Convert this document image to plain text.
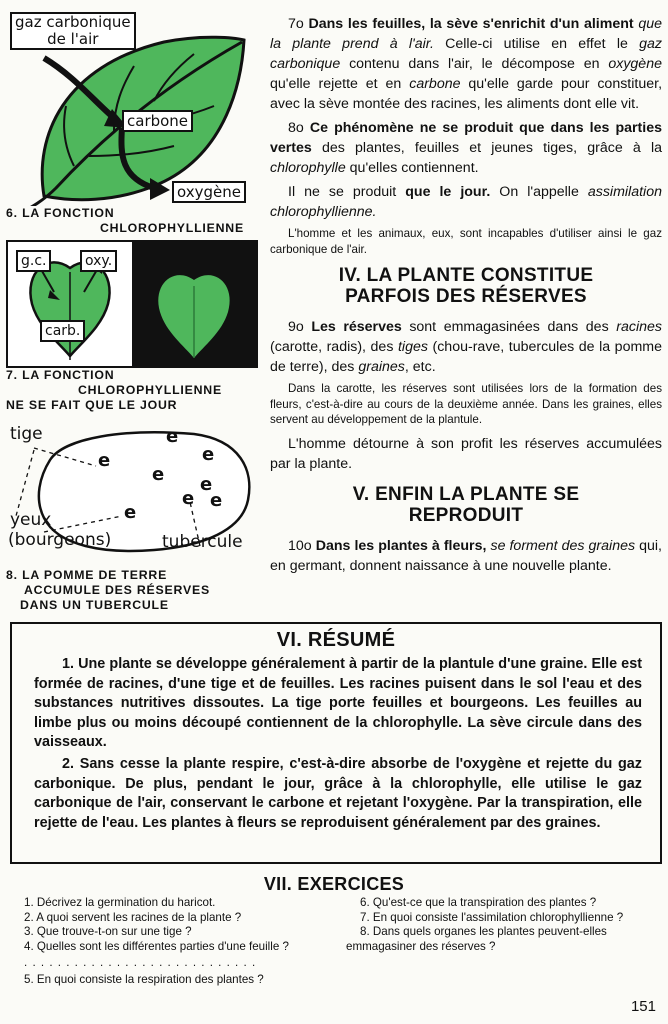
gaz carbonique
de l'air
carbone
oxygène
6. LA FONCTION
CHLOROPHYLLIENNE
g.c.	oxy.
carb.
7. LA FONCTION
CHLOROPHYLLIENNE
NE SE FAIT QUE LE JOUR
e
e	e
e e
e e
e
tige
yeux
(bourgeons)	tubercule
8. LA POMME DE TERRE
ACCUMULE DES RÉSERVES
DANS UN TUBERCULE

7o Dans les feuilles, la sève s'enrichit d'un aliment que la plante prend à l'air. Celle-ci utilise en effet le gaz carbonique contenu dans l'air, le décompose en oxygène qu'elle rejette et en carbone qu'elle garde pour constituer, avec la sève montée des racines, les aliments dont elle vit.

8o Ce phénomène ne se produit que dans les parties vertes des plantes, feuilles et jeunes tiges, grâce à la chlorophylle qu'elles contiennent.

Il ne se produit que le jour. On l'appelle assimilation chlorophyllienne.

L'homme et les animaux, eux, sont incapables d'utiliser ainsi le gaz carbonique de l'air.

IV. LA PLANTE CONSTITUE
PARFOIS DES RÉSERVES

9o Les réserves sont emmagasinées dans des racines (carotte, radis), des tiges (chou-rave, tubercules de la pomme de terre), des graines, etc.

Dans la carotte, les réserves sont utilisées lors de la formation des fleurs, c'est-à-dire au cours de la deuxième année. Dans les graines, elles servent au développement de la plantule.

L'homme détourne à son profit les réserves accumulées par la plante.

V. ENFIN LA PLANTE SE
REPRODUIT

10o Dans les plantes à fleurs, se forment des graines qui, en germant, donnent naissance à une nouvelle plante.

VI. RÉSUMÉ

1. Une plante se développe généralement à partir de la plantule d'une graine. Elle est formée de racines, d'une tige et de feuilles. Les racines puisent dans le sol l'eau et des substances nutritives dissoutes. La tige porte feuilles et bourgeons. Les feuilles au limbe plus ou moins découpé contiennent de la chlorophylle. La sève circule dans des vaisseaux.

2. Sans cesse la plante respire, c'est-à-dire absorbe de l'oxygène et rejette du gaz carbonique. De plus, pendant le jour, grâce à la chlorophylle, elle utilise le gaz carbonique de l'air, conservant le carbone et rejetant l'oxygène. Par la transpiration, elle rejette de l'eau. Les plantes à fleurs se reproduisent généralement par des graines.

VII. EXERCICES
1. Décrivez la germination du haricot.
2. A quoi servent les racines de la plante ?
3. Que trouve-t-on sur une tige ?
4. Quelles sont les différentes parties d'une feuille ?
. . . . . . . . . . . . . . . . . . . . . . . . . . . .
5. En quoi consiste la respiration des plantes ?
6. Qu'est-ce que la transpiration des plantes ?
7. En quoi consiste l'assimilation chlorophyllienne ?
8. Dans quels organes les plantes peuvent-elles emmagasiner des réserves ?
151
